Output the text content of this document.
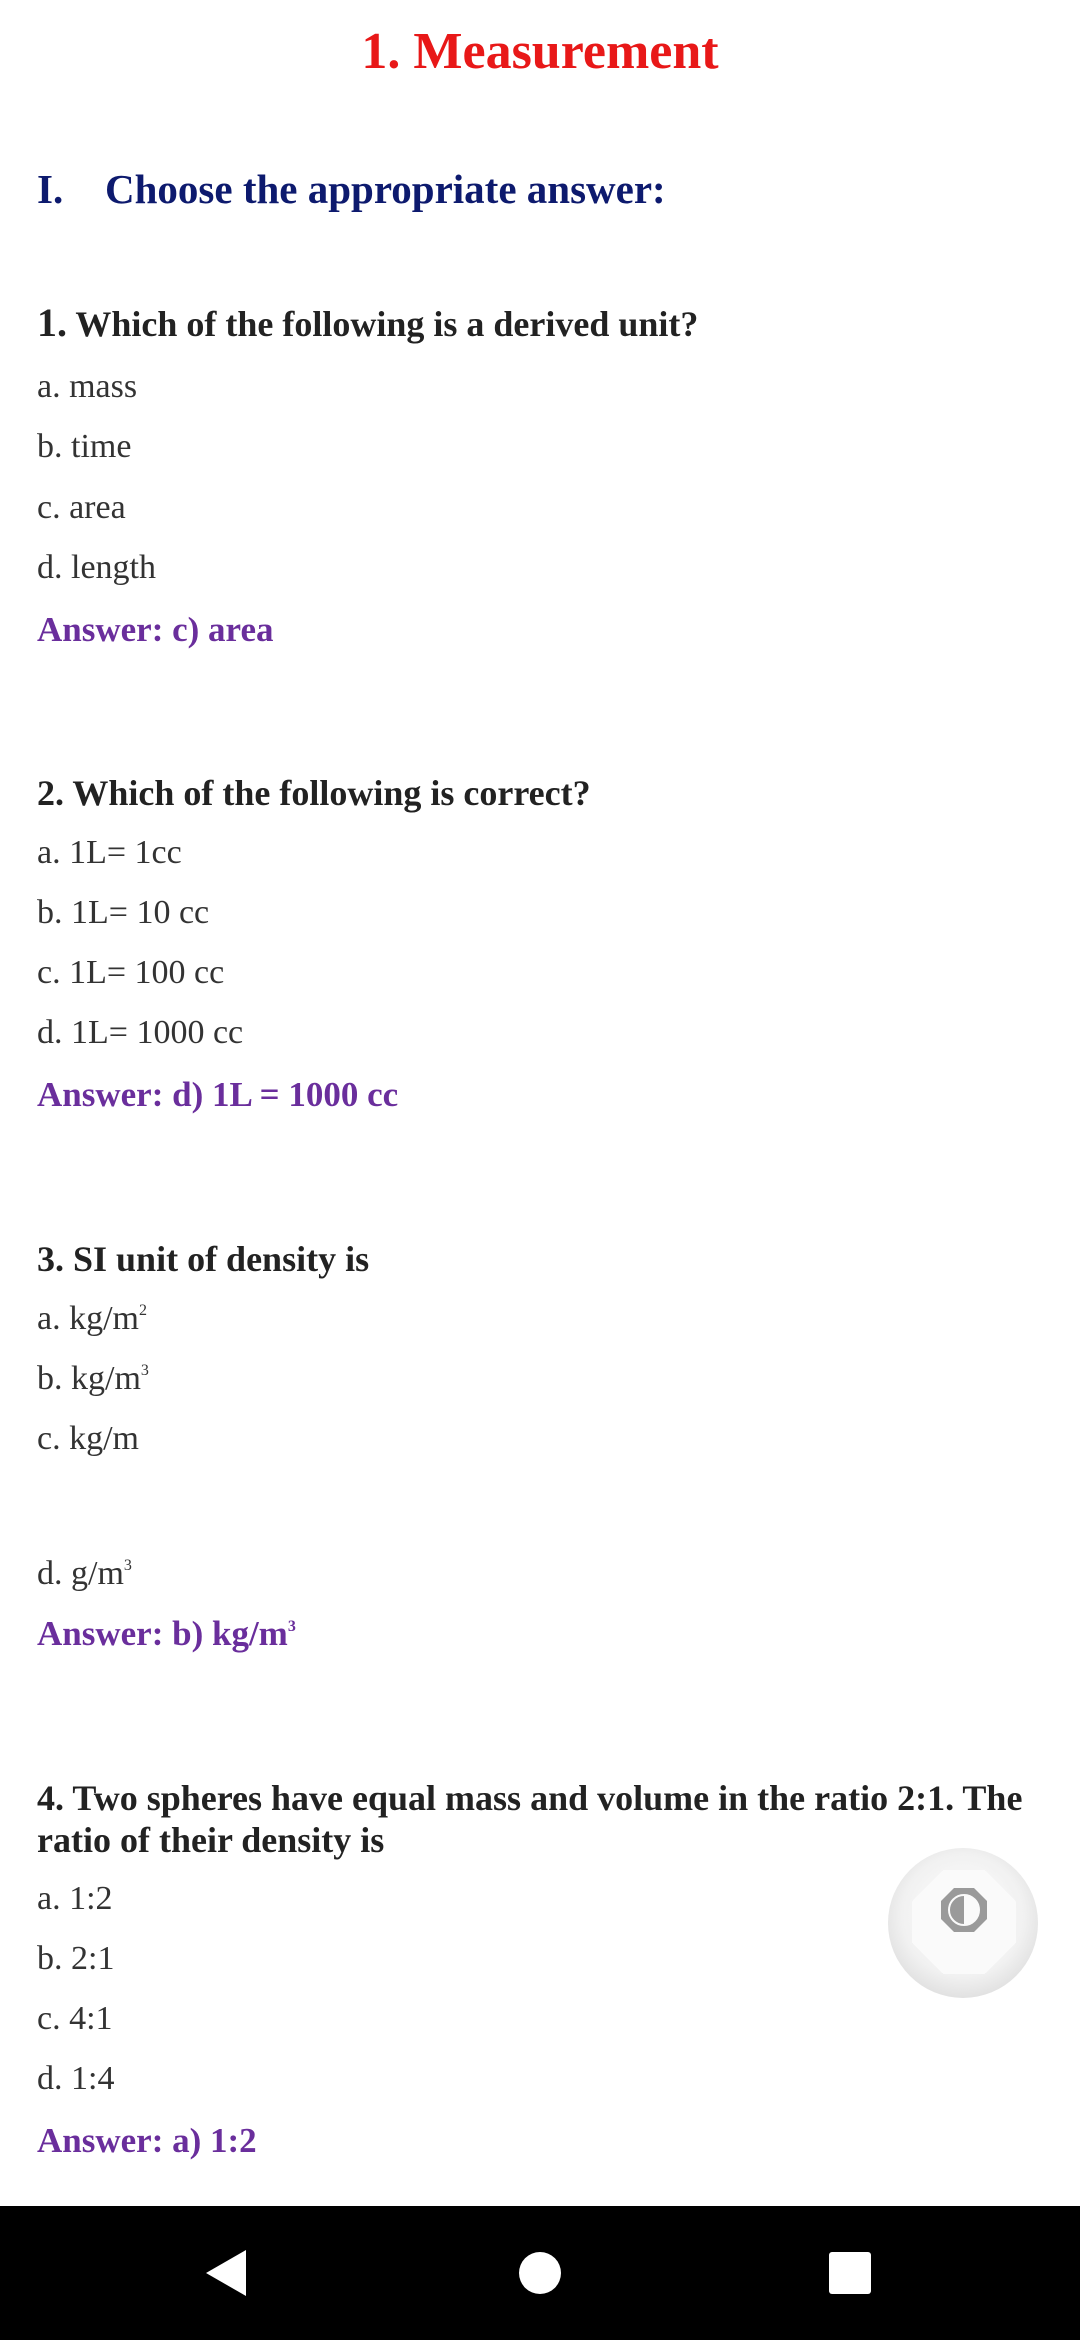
1. Measurement
I. Choose the appropriate answer:
1. Which of the following is a derived unit?
a. mass
b. time
c. area
d. length
Answer: c) area
2. Which of the following is correct?
a. 1L= 1cc
b. 1L= 10 cc
c. 1L= 100 cc
d. 1L= 1000 cc
Answer: d) 1L = 1000 cc
3. SI unit of density is
a. $kg/m^2$
b. $kg/m^3$
c. kg/m
d. $g/m^3$
Answer: b) $kg/m^3$
4. Two spheres have equal mass and volume in the ratio 2:1. The ratio of their density is
a. 1:2
b. 2:1
c. 4:1
d. 1:4
Answer: a) 1:2
